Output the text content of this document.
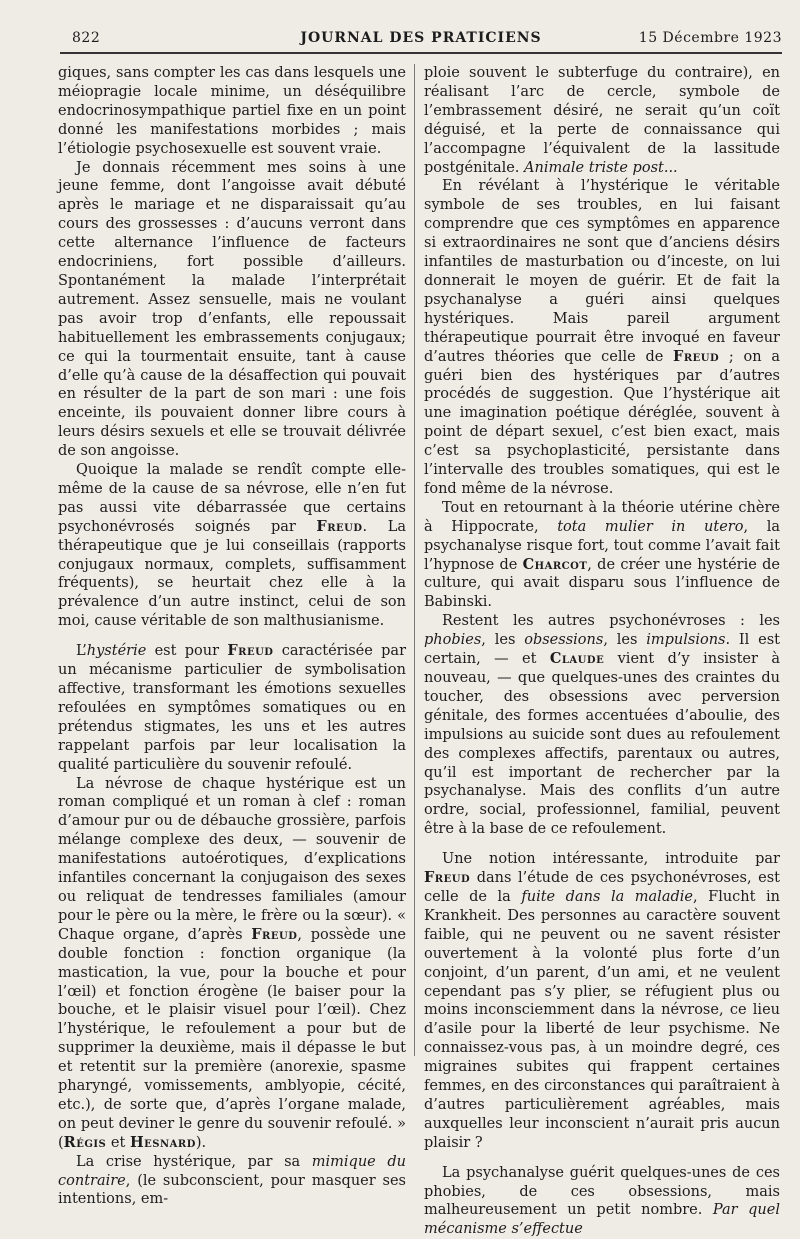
822	JOURNAL DES PRATICIENS	15 Décembre 1923

giques, sans compter les cas dans lesquels une méiopragie locale minime, un déséquilibre endocrinosympathique partiel fixe en un point donné les manifestations morbides ; mais l’étiologie psychosexuelle est souvent vraie.

Je donnais récemment mes soins à une jeune femme, dont l’angoisse avait débuté après le mariage et ne disparaissait qu’au cours des grossesses : d’aucuns verront dans cette alternance l’influence de facteurs endocriniens, fort possible d’ailleurs. Spontanément la malade l’interprétait autrement. Assez sensuelle, mais ne voulant pas avoir trop d’enfants, elle repoussait habituellement les embrassements conjugaux; ce qui la tourmentait ensuite, tant à cause d’elle qu’à cause de la désaffection qui pouvait en résulter de la part de son mari : une fois enceinte, ils pouvaient donner libre cours à leurs désirs sexuels et elle se trouvait délivrée de son angoisse.

Quoique la malade se rendît compte elle-même de la cause de sa névrose, elle n’en fut pas aussi vite débarrassée que certains psychonévrosés soignés par Freud. La thérapeutique que je lui conseillais (rapports conjugaux normaux, complets, suffisamment fréquents), se heurtait chez elle à la prévalence d’un autre instinct, celui de son moi, cause véritable de son malthusianisme.

L’hystérie est pour Freud caractérisée par un mécanisme particulier de symbolisation affective, transformant les émotions sexuelles refoulées en symptômes somatiques ou en prétendus stigmates, les uns et les autres rappelant parfois par leur localisation la qualité particulière du souvenir refoulé.

La névrose de chaque hystérique est un roman compliqué et un roman à clef : roman d’amour pur ou de débauche grossière, parfois mélange complexe des deux, — souvenir de manifestations autoérotiques, d’explications infantiles concernant la conjugaison des sexes ou reliquat de tendresses familiales (amour pour le père ou la mère, le frère ou la sœur). « Chaque organe, d’après Freud, possède une double fonction : fonction organique (la mastication, la vue, pour la bouche et pour l’œil) et fonction érogène (le baiser pour la bouche, et le plaisir visuel pour l’œil). Chez l’hystérique, le refoulement a pour but de supprimer la deuxième, mais il dépasse le but et retentit sur la première (anorexie, spasme pharyngé, vomissements, amblyopie, cécité, etc.), de sorte que, d’après l’organe malade, on peut deviner le genre du souvenir refoulé. » (Régis et Hesnard).

La crise hystérique, par sa mimique du contraire, (le subconscient, pour masquer ses intentions, em-

ploie souvent le subterfuge du contraire), en réalisant l’arc de cercle, symbole de l’embrassement désiré, ne serait qu’un coït déguisé, et la perte de connaissance qui l’accompagne l’équivalent de la lassitude postgénitale. Animale triste post...

En révélant à l’hystérique le véritable symbole de ses troubles, en lui faisant comprendre que ces symptômes en apparence si extraordinaires ne sont que d’anciens désirs infantiles de masturbation ou d’inceste, on lui donnerait le moyen de guérir. Et de fait la psychanalyse a guéri ainsi quelques hystériques. Mais pareil argument thérapeutique pourrait être invoqué en faveur d’autres théories que celle de Freud ; on a guéri bien des hystériques par d’autres procédés de suggestion. Que l’hystérique ait une imagination poétique déréglée, souvent à point de départ sexuel, c’est bien exact, mais c’est sa psychoplasticité, persistante dans l’intervalle des troubles somatiques, qui est le fond même de la névrose.

Tout en retournant à la théorie utérine chère à Hippocrate, tota mulier in utero, la psychanalyse risque fort, tout comme l’avait fait l’hypnose de Charcot, de créer une hystérie de culture, qui avait disparu sous l’influence de Babinski.

Restent les autres psychonévroses : les phobies, les obsessions, les impulsions. Il est certain, — et Claude vient d’y insister à nouveau, — que quelques-unes des craintes du toucher, des obsessions avec perversion génitale, des formes accentuées d’aboulie, des impulsions au suicide sont dues au refoulement des complexes affectifs, parentaux ou autres, qu’il est important de rechercher par la psychanalyse. Mais des conflits d’un autre ordre, social, professionnel, familial, peuvent être à la base de ce refoulement.

Une notion intéressante, introduite par Freud dans l’étude de ces psychonévroses, est celle de la fuite dans la maladie, Flucht in Krankheit. Des personnes au caractère souvent faible, qui ne peuvent ou ne savent résister ouvertement à la volonté plus forte d’un conjoint, d’un parent, d’un ami, et ne veulent cependant pas s’y plier, se réfugient plus ou moins inconsciemment dans la névrose, ce lieu d’asile pour la liberté de leur psychisme. Ne connaissez-vous pas, à un moindre degré, ces migraines subites qui frappent certaines femmes, en des circonstances qui paraîtraient à d’autres particulièrement agréables, mais auxquelles leur inconscient n’aurait pris aucun plaisir ?

La psychanalyse guérit quelques-unes de ces phobies, de ces obsessions, mais malheureusement un petit nombre. Par quel mécanisme s’effectue
